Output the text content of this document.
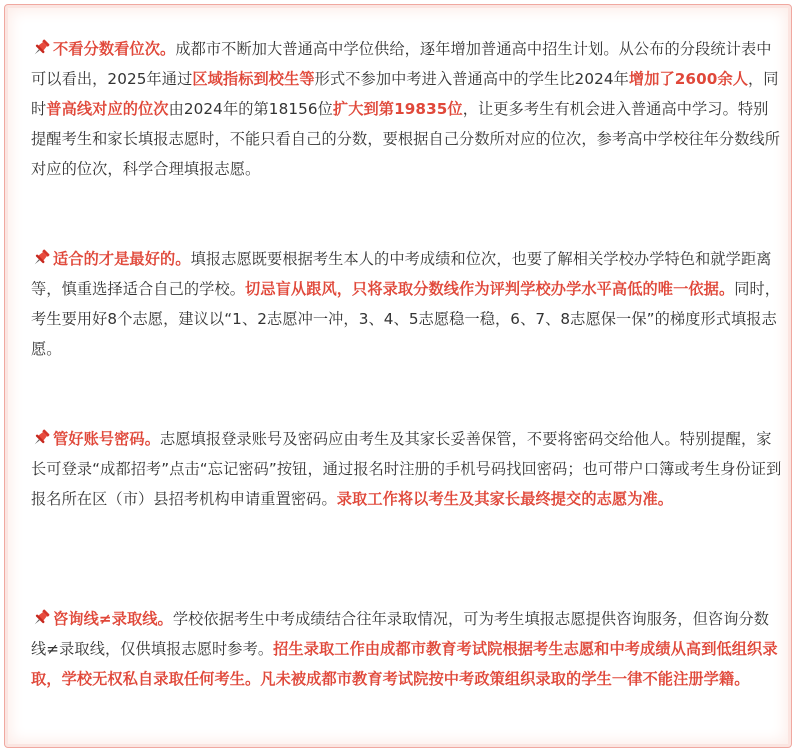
不看分数看位次。成都市不断加大普通高中学位供给，逐年增加普通高中招生计划。从公布的分段统计表中可以看出，2025年通过区域指标到校生等形式不参加中考进入普通高中的学生比2024年增加了2600余人，同时普高线对应的位次由2024年的第18156位扩大到第19835位，让更多考生有机会进入普通高中学习。特别提醒考生和家长填报志愿时，不能只看自己的分数，要根据自己分数所对应的位次，参考高中学校往年分数线所对应的位次，科学合理填报志愿。
适合的才是最好的。填报志愿既要根据考生本人的中考成绩和位次，也要了解相关学校办学特色和就学距离等，慎重选择适合自己的学校。切忌盲从跟风，只将录取分数线作为评判学校办学水平高低的唯一依据。同时，考生要用好8个志愿，建议以“1、2志愿冲一冲，3、4、5志愿稳一稳，6、7、8志愿保一保”的梯度形式填报志愿。
管好账号密码。志愿填报登录账号及密码应由考生及其家长妥善保管，不要将密码交给他人。特别提醒，家长可登录“成都招考”点击“忘记密码”按钮，通过报名时注册的手机号码找回密码；也可带户口簿或考生身份证到报名所在区（市）县招考机构申请重置密码。录取工作将以考生及其家长最终提交的志愿为准。
咨询线≠录取线。学校依据考生中考成绩结合往年录取情况，可为考生填报志愿提供咨询服务，但咨询分数线≠录取线，仅供填报志愿时参考。招生录取工作由成都市教育考试院根据考生志愿和中考成绩从高到低组织录取，学校无权私自录取任何考生。凡未被成都市教育考试院按中考政策组织录取的学生一律不能注册学籍。
